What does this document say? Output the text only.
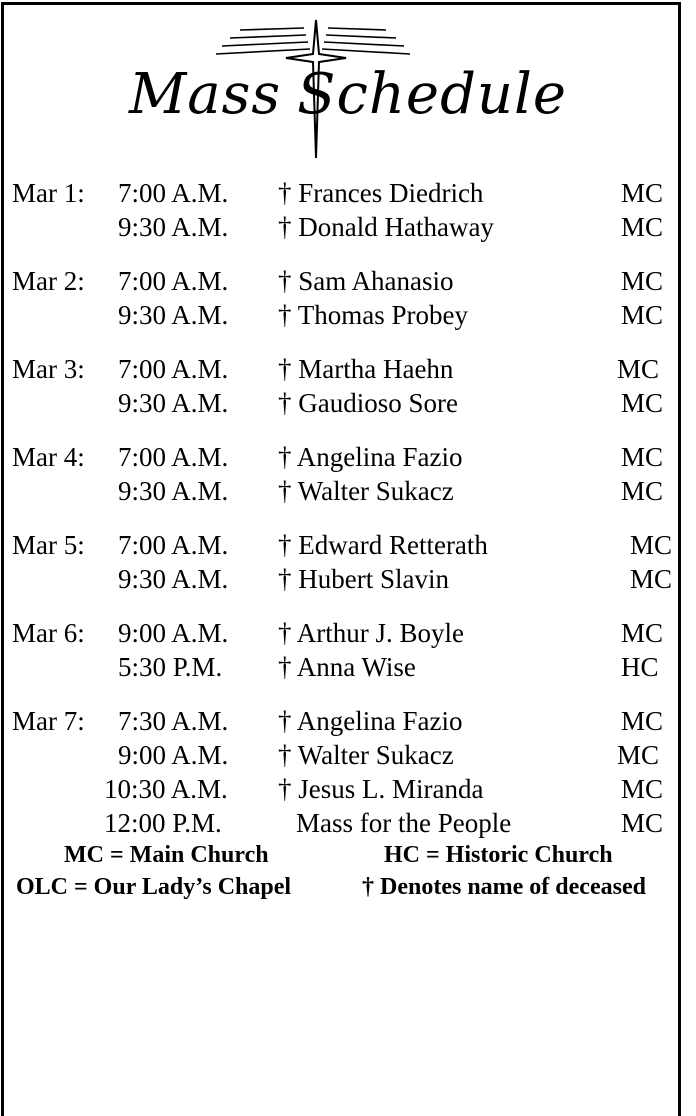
Mass Schedule
Mar 1: 7:00 A.M. † Frances Diedrich	MC
9:30 A.M. † Donald Hathaway	MC
Mar 2: 7:00 A.M. † Sam Ahanasio	MC
9:30 A.M. † Thomas Probey	MC
Mar 3: 7:00 A.M. † Martha Haehn	MC
9:30 A.M. † Gaudioso Sore	MC
Mar 4: 7:00 A.M. † Angelina Fazio	MC
9:30 A.M. † Walter Sukacz	MC
Mar 5: 7:00 A.M. † Edward Retterath	MC
9:30 A.M. † Hubert Slavin	MC
Mar 6: 9:00 A.M. † Arthur J. Boyle	MC
5:30 P.M. † Anna Wise	HC
Mar 7: 7:30 A.M. † Angelina Fazio	MC
9:00 A.M. † Walter Sukacz	MC
10:30 A.M. † Jesus L. Miranda	MC
12:00 P.M.	Mass for the People	MC
MC = Main Church	HC = Historic Church
OLC = Our Lady’s Chapel	† Denotes name of deceased
